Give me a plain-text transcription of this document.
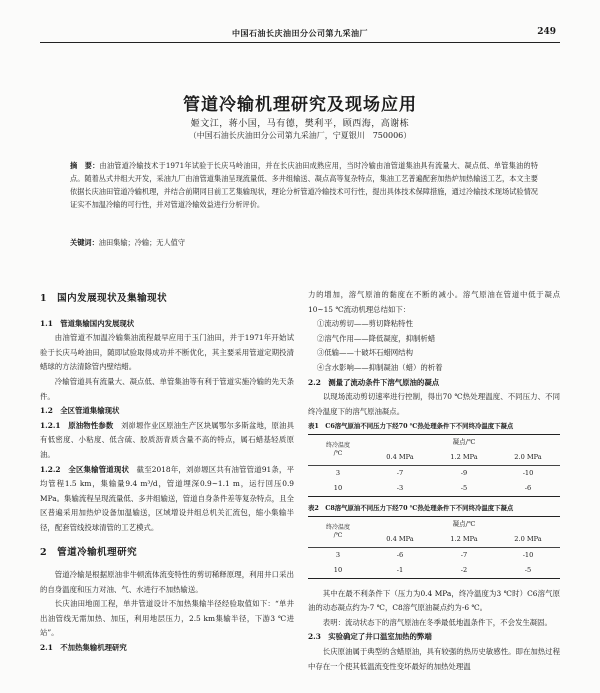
中国石油长庆油田分公司第九采油厂	249
管道冷输机理研究及现场应用
姬文江，蒋小国，马有德，樊利平，顾西海，高谢栋
（中国石油长庆油田分公司第九采油厂，宁夏银川　750006）
摘　要：由油管道冷输技术于1971年试验于长庆马岭油田，并在长庆油田成熟应用，当时冷输由油管道集油具有流量大、凝点低、单管集油的特点。随着丛式井组大开发，采油九厂由油管道集油呈现流量低、多井组输送、凝点高等复杂特点，集油工艺普遍配套加热炉加热输送工艺，本文主要依据长庆油田管道冷输机理，并结合前期同目前工艺集输现状，理论分析管道冷输技术可行性，提出具体技术保障措施，通过冷输技术现场试验情况证实不加温冷输的可行性，并对管道冷输效益进行分析评价。
关键词：油田集输；冷输；无人值守

1　国内发展现状及集输现状

1.1　管道集输国内发展现状

由油管道不加温冷输集油流程最早应用于玉门油田，并于1971年开始试验于长庆马岭油田，随即试验取得成功并不断优化，其主要采用管道定期投清蜡球的方法清除管内壁结蜡。

冷输管道具有流量大、凝点低、单管集油等有利于管道实施冷输的先天条件。

1.2　全区管道集输现状

1.2.1　原油物性参数　 刘峁塬作业区原油生产区块属鄂尔多斯盆地，原油具有低密度、小粘度、低含硫、胶质沥青质含量不高的特点，属石蜡基轻质原油。

1.2.2　全区集输管道现状　 截至2018年，刘峁塬区共有油管管道91条，平均管程1.5 km，集输量9.4 m³/d，管道埋深0.9~1.1 m，运行回压0.9 MPa。集输流程呈现流量低、多井组输送，管道自身条件差等复杂特点，且全区普遍采用加热炉设备加温输送，区域增设井组总机关汇流包，缩小集输半径，配套管线投球清管的工艺模式。

2　管道冷输机理研究

管道冷输是根据原油非牛顿流体流变特性的剪切稀释原理，利用井口采出的自身温度和压力对油、气、水进行不加热输送。

长庆油田地面工程，单井管道设计不加热集输半径经验取值如下：“单井出油管线无需加热、加压，利用地层压力，2.5 km集输半径，下游3 ℃进站”。

2.1　不加热集输机理研究

力的增加，溶气原油的黏度在不断的减小。溶气原油在管道中低于凝点10~15 ℃流动机理总结如下：

①流动剪切——剪切降粘特性

②溶气作用——降低凝度，抑制析蜡

③低输——十破坏石蜡网结构

④含水影响——抑制凝油（蜡）的析着

2.2　测量了流动条件下溶气原油的凝点

以现场流动剪切速率进行控制，得出70 ℃热处理温度、不同压力、不同终冷温度下的溶气原油凝点。

表1　C6溶气原油不同压力下经70 ℃热处理条件下不同终冷温度下凝点

终冷温度
/℃	凝点/℃		
	0.4 MPa	1.2 MPa	2.0 MPa
3	-7	-9	-10
10	-3	-5	-6

表2　C8溶气原油不同压力下经70 ℃热处理条件下不同终冷温度下凝点

终冷温度
/℃	凝点/℃		
	0.4 MPa	1.2 MPa	2.0 MPa
3	-6	-7	-10
10	-1	-2	-5

其中在最不利条件下（压力为0.4 MPa，终冷温度为3 ℃时）C6溶气原油的动态凝点约为-7 ℃，C8溶气原油凝点约为-6 ℃。

表明：流动状态下的溶气原油在冬季最低地温条件下，不会发生凝固。

2.3　实验确定了井口温室加热的弊端

长庆原油属于典型的含蜡原油，具有较强的热历史敏感性。即在加热过程中存在一个使其低温流变性变坏最好的加热处理温
